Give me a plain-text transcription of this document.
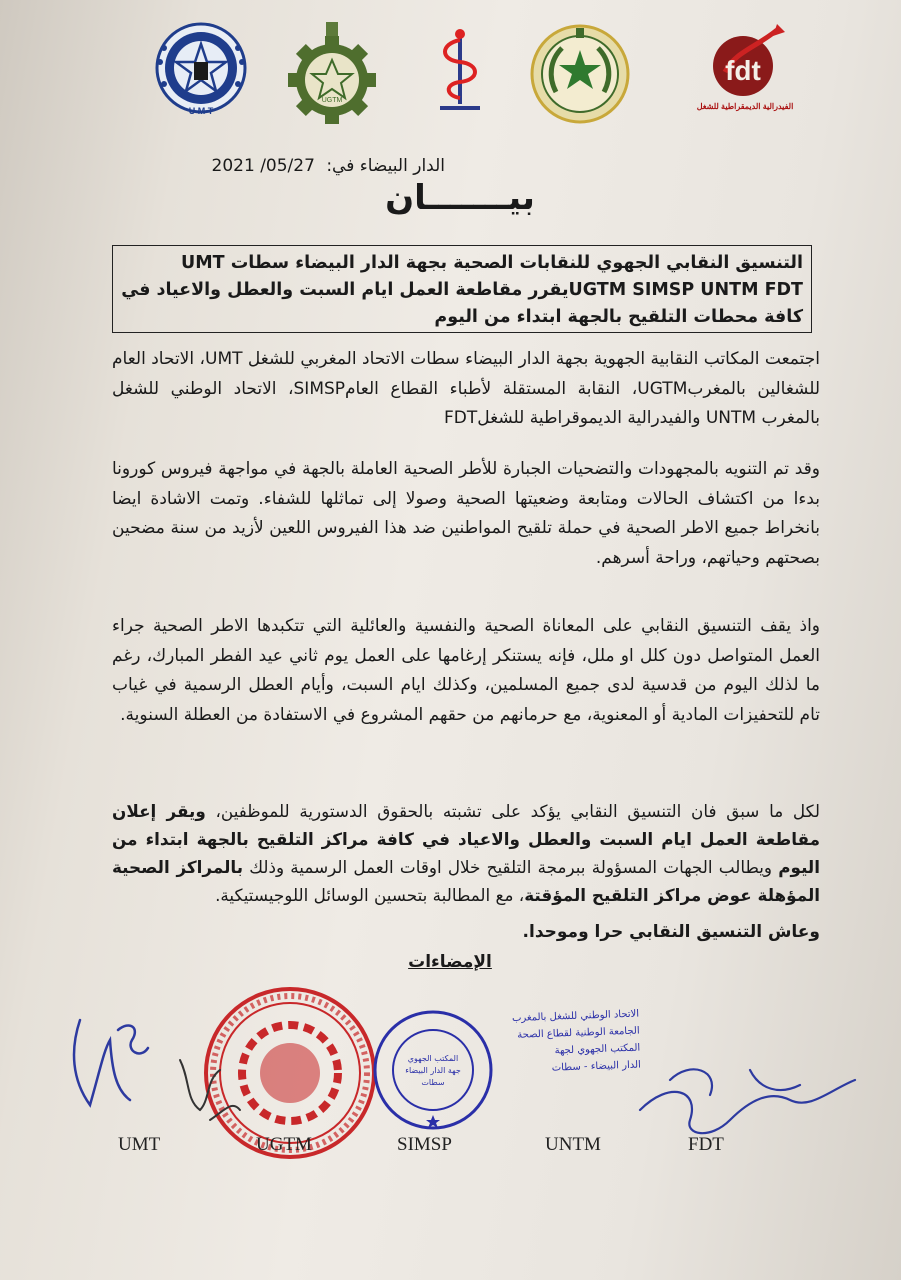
U M T
UGTM
fdt
الفيدرالية الديمقراطية للشغل
الدار البيضاء في: 2021 /05/27
بيـــــــان
التنسيق النقابي الجهوي للنقابات الصحية بجهة الدار البيضاء سطات UMT UGTM SIMSP UNTM FDTيقرر مقاطعة العمل ايام السبت والعطل والاعياد في كافة محطات التلقيح بالجهة ابتداء من اليوم
اجتمعت المكاتب النقابية الجهوية بجهة الدار البيضاء سطات الاتحاد المغربي للشغل UMT، الاتحاد العام للشغالين بالمغربUGTM، النقابة المستقلة لأطباء القطاع العامSIMSP، الاتحاد الوطني للشغل بالمغرب UNTM والفيدرالية الديموقراطية للشغلFDT
وقد تم التنويه بالمجهودات والتضحيات الجبارة للأطر الصحية العاملة بالجهة في مواجهة فيروس كورونا بدءا من اكتشاف الحالات ومتابعة وضعيتها الصحية وصولا إلى تماثلها للشفاء. وتمت الاشادة ايضا بانخراط جميع الاطر الصحية في حملة تلقيح المواطنين ضد هذا الفيروس اللعين لأزيد من سنة مضحين بصحتهم وحياتهم، وراحة أسرهم.
واذ يقف التنسيق النقابي على المعاناة الصحية والنفسية والعائلية التي تتكبدها الاطر الصحية جراء العمل المتواصل دون كلل او ملل، فإنه يستنكر إرغامها على العمل يوم ثاني عيد الفطر المبارك، رغم ما لذلك اليوم من قدسية لدى جميع المسلمين، وكذلك ايام السبت، وأيام العطل الرسمية في غياب تام للتحفيزات المادية أو المعنوية، مع حرمانهم من حقهم المشروع في الاستفادة من العطلة السنوية.
لكل ما سبق فان التنسيق النقابي يؤكد على تشبته بالحقوق الدستورية للموظفين، ويقر إعلان مقاطعة العمل ايام السبت والعطل والاعياد في كافة مراكز التلقيح بالجهة ابتداء من اليوم ويطالب الجهات المسؤولة ببرمجة التلقيح خلال اوقات العمل الرسمية وذلك بالمراكز الصحية المؤهلة عوض مراكز التلقيح المؤقتة، مع المطالبة بتحسين الوسائل اللوجيستيكية.
وعاش التنسيق النقابي حرا وموحدا.
الإمضاءات
المكتب الجهوي
جهة الدار البيضاء
سطات
الاتحاد الوطني للشغل بالمغرب
الجامعة الوطنية لقطاع الصحة
المكتب الجهوي لجهة
الدار البيضاء - سطات
UMT	UGTM	SIMSP	UNTM	FDT
